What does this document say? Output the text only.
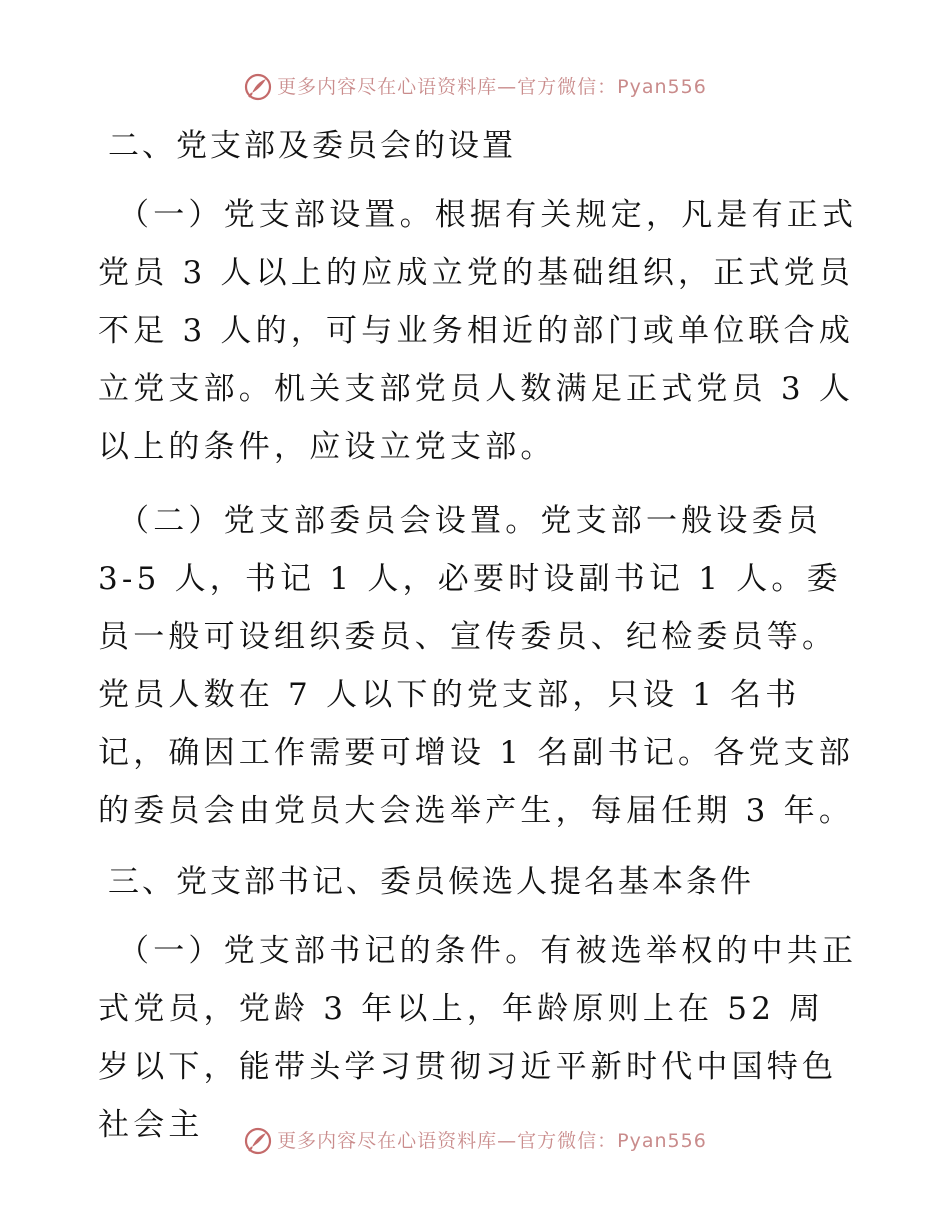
更多内容尽在心语资料库—官方微信：Pyan556
二、党支部及委员会的设置

（一）党支部设置。根据有关规定，凡是有正式党员 3 人以上的应成立党的基础组织，正式党员不足 3 人的，可与业务相近的部门或单位联合成立党支部。机关支部党员人数满足正式党员 3 人以上的条件，应设立党支部。

（二）党支部委员会设置。党支部一般设委员 3-5 人，书记 1 人，必要时设副书记 1 人。委员一般可设组织委员、宣传委员、纪检委员等。党员人数在 7 人以下的党支部，只设 1 名书记，确因工作需要可增设 1 名副书记。各党支部的委员会由党员大会选举产生，每届任期 3 年。

三、党支部书记、委员候选人提名基本条件

（一）党支部书记的条件。有被选举权的中共正式党员，党龄 3 年以上，年龄原则上在 52 周岁以下，能带头学习贯彻习近平新时代中国特色社会主	更多内容尽在心语资料库—官方微信：Pyan556
